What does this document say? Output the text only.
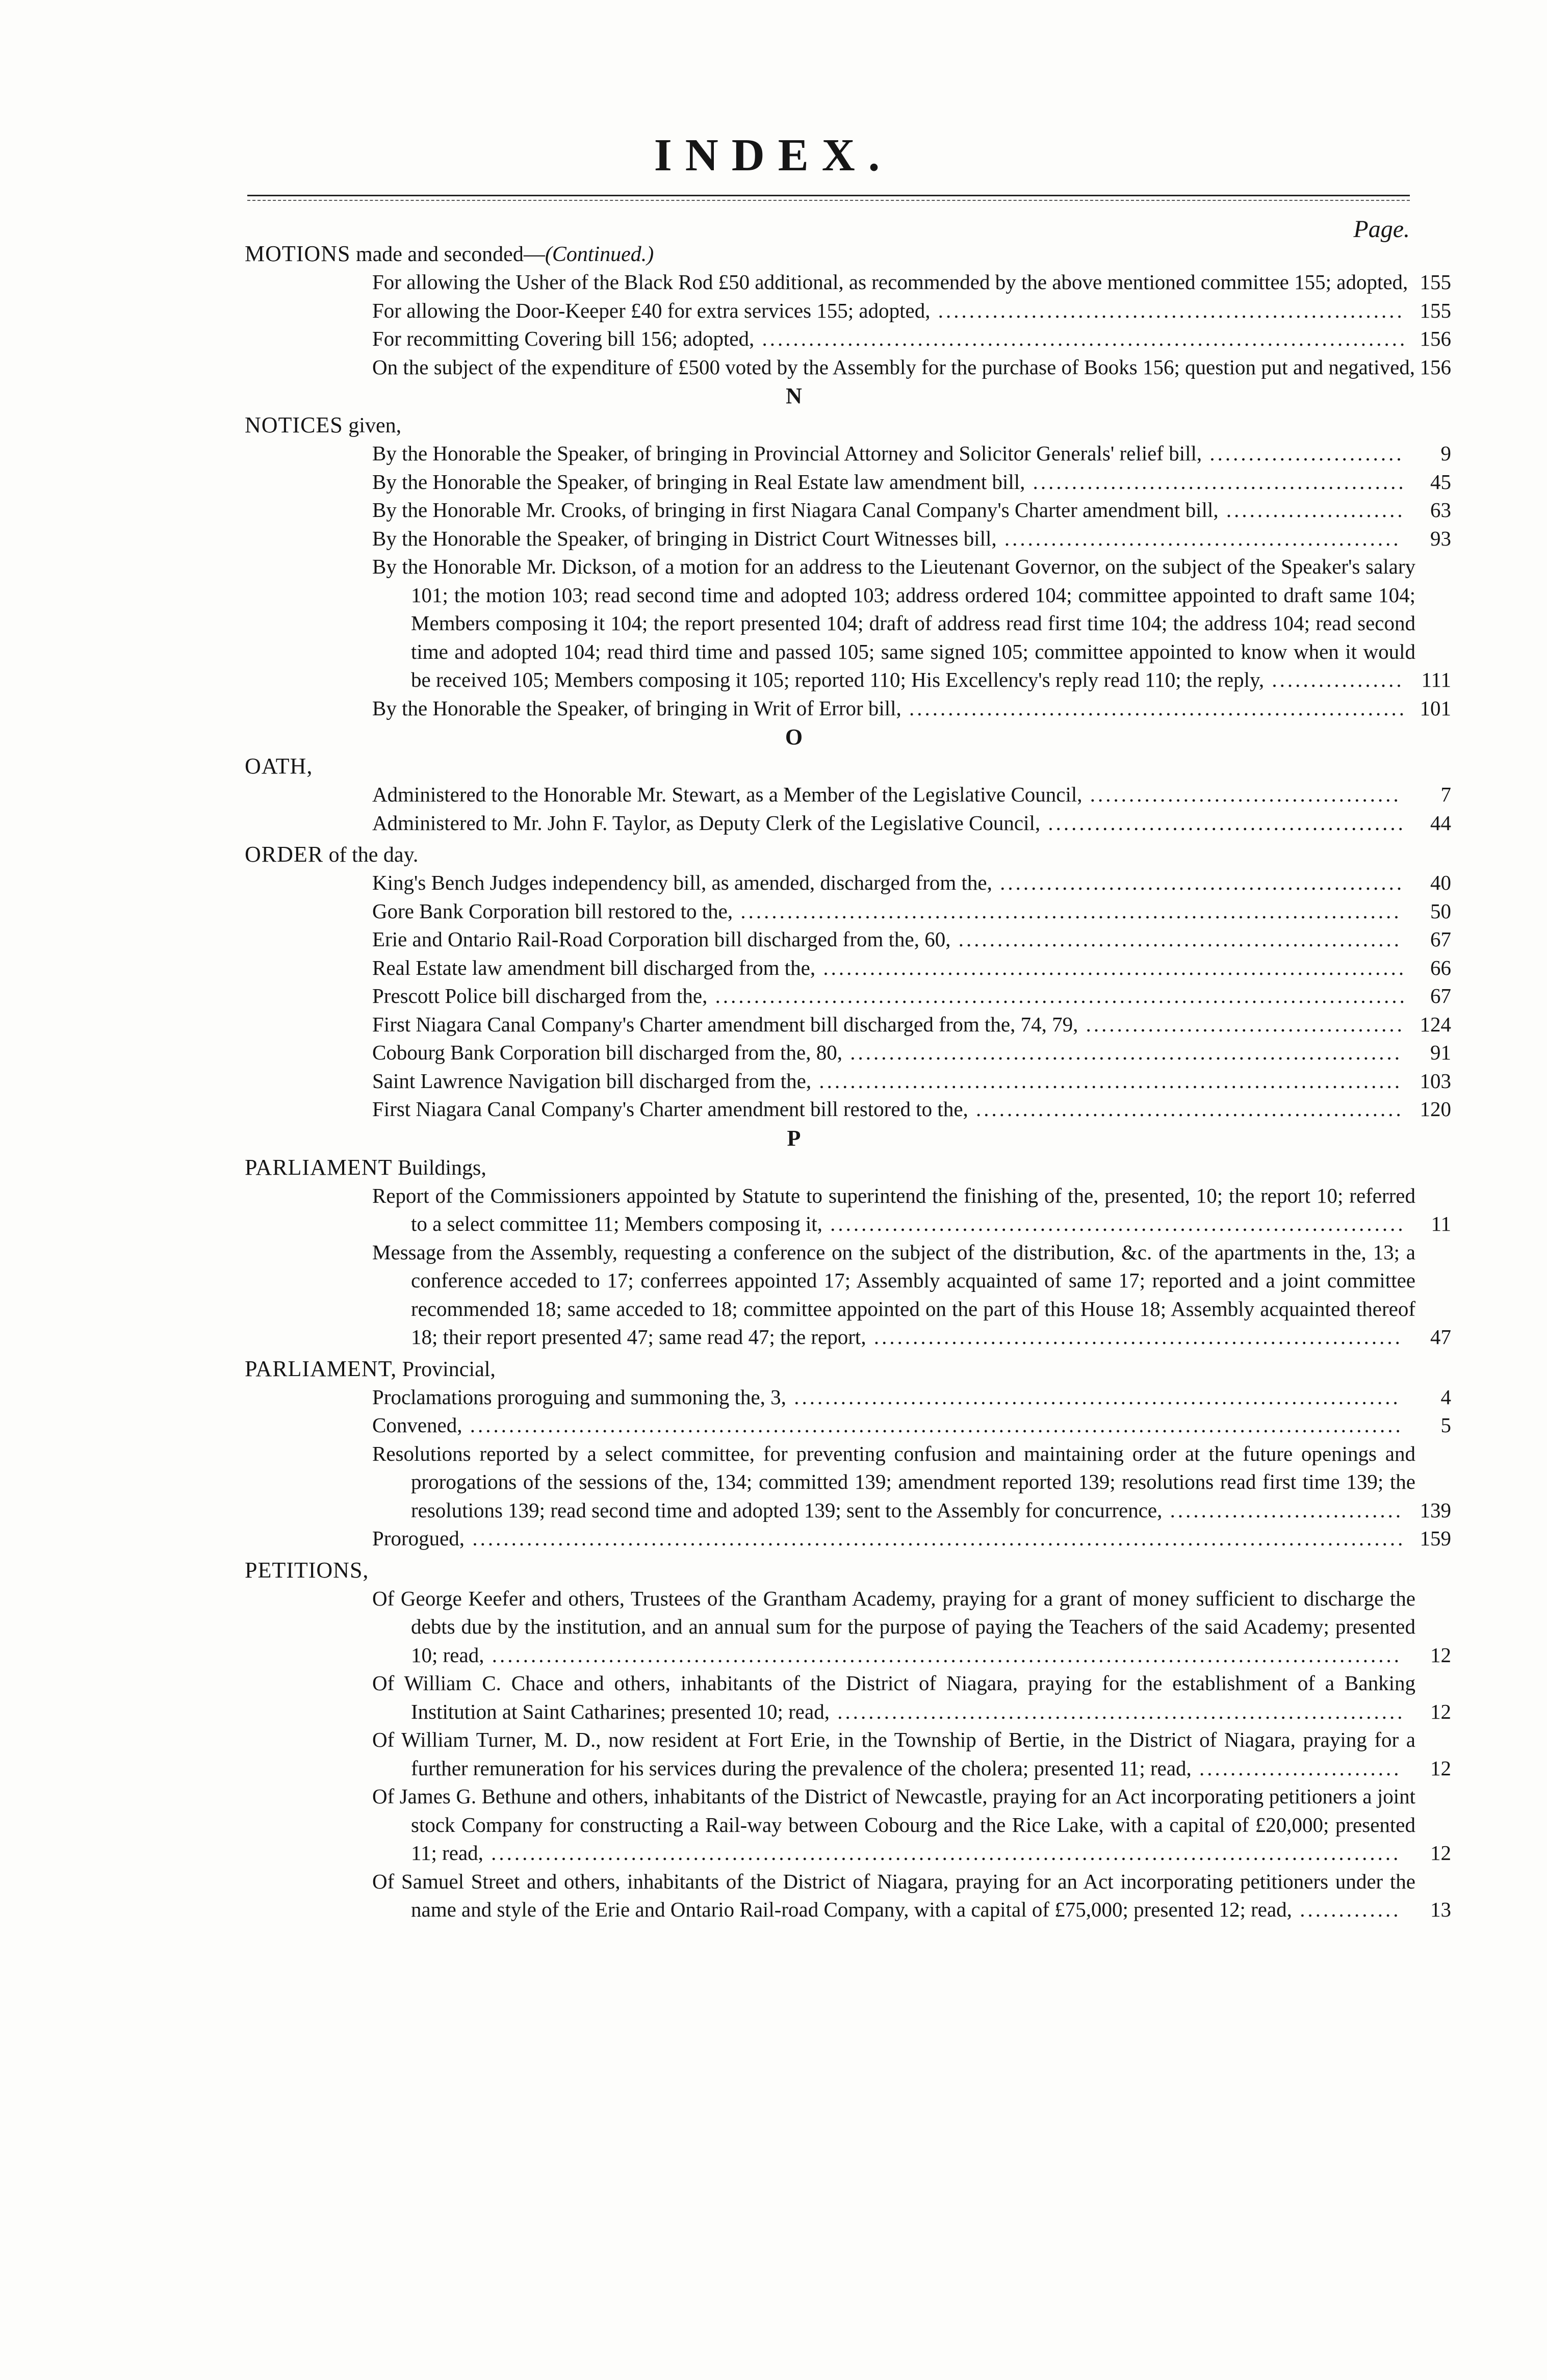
INDEX.
Page.
MOTIONS made and seconded—(Continued.)
For allowing the Usher of the Black Rod £50 additional, as recommended by the above mentioned committee 155; adopted, 155
For allowing the Door-Keeper £40 for extra services 155; adopted, ............................................................ 155
For recommitting Covering bill 156; adopted, ................................................................................... 156
On the subject of the expenditure of £500 voted by the Assembly for the purchase of Books 156; question put and negatived, 156
N
NOTICES given,
By the Honorable the Speaker, of bringing in Provincial Attorney and Solicitor Generals' relief bill, .........................	9
By the Honorable the Speaker, of bringing in Real Estate law amendment bill, ................................................	45
By the Honorable Mr. Crooks, of bringing in first Niagara Canal Company's Charter amendment bill, .......................	63
By the Honorable the Speaker, of bringing in District Court Witnesses bill, ...................................................	93
By the Honorable Mr. Dickson, of a motion for an address to the Lieutenant Governor, on the subject of the Speaker's salary 101; the motion 103; read second time and adopted 103; address ordered 104; committee appointed to draft same 104; Members composing it 104; the report presented 104; draft of address read first time 104; the address 104; read second time and adopted 104; read third time and passed 105; same signed 105; committee appointed to know when it would be received 105; Members composing it 105; reported 110; His Excellency's reply read 110; the reply, ................. 111
By the Honorable the Speaker, of bringing in Writ of Error bill, ................................................................ 101
O
OATH,
Administered to the Honorable Mr. Stewart, as a Member of the Legislative Council, ........................................	7
Administered to Mr. John F. Taylor, as Deputy Clerk of the Legislative Council, ..............................................	44
ORDER of the day.
King's Bench Judges independency bill, as amended, discharged from the, ....................................................	40
Gore Bank Corporation bill restored to the, .....................................................................................	50
Erie and Ontario Rail-Road Corporation bill discharged from the, 60, .........................................................	67
Real Estate law amendment bill discharged from the, ...........................................................................	66
Prescott Police bill discharged from the, .........................................................................................	67
First Niagara Canal Company's Charter amendment bill discharged from the, 74, 79, ......................................... 124
Cobourg Bank Corporation bill discharged from the, 80, .......................................................................	91
Saint Lawrence Navigation bill discharged from the, ........................................................................... 103
First Niagara Canal Company's Charter amendment bill restored to the, ....................................................... 120
P
PARLIAMENT Buildings,
Report of the Commissioners appointed by Statute to superintend the finishing of the, presented, 10; the report 10; referred to a select committee 11; Members composing it, ..........................................................................	11
Message from the Assembly, requesting a conference on the subject of the distribution, &c. of the apartments in the, 13; a conference acceded to 17; conferrees appointed 17; Assembly acquainted of same 17; reported and a joint committee recommended 18; same acceded to 18; committee appointed on the part of this House 18; Assembly acquainted thereof 18; their report presented 47; same read 47; the report, ....................................................................	47
PARLIAMENT, Provincial,
Proclamations proroguing and summoning the, 3, ..............................................................................	4
Convened, ........................................................................................................................	5
Resolutions reported by a select committee, for preventing confusion and maintaining order at the future openings and prorogations of the sessions of the, 134; committed 139; amendment reported 139; resolutions read first time 139; the resolutions 139; read second time and adopted 139; sent to the Assembly for concurrence, .............................. 139
Prorogued, ........................................................................................................................ 159
PETITIONS,
Of George Keefer and others, Trustees of the Grantham Academy, praying for a grant of money sufficient to discharge the debts due by the institution, and an annual sum for the purpose of paying the Teachers of the said Academy; presented 10; read, .....................................................................................................................	12
Of William C. Chace and others, inhabitants of the District of Niagara, praying for the establishment of a Banking Institution at Saint Catharines; presented 10; read, .........................................................................	12
Of William Turner, M. D., now resident at Fort Erie, in the Township of Bertie, in the District of Niagara, praying for a further remuneration for his services during the prevalence of the cholera; presented 11; read, ..........................	12
Of James G. Bethune and others, inhabitants of the District of Newcastle, praying for an Act incorporating petitioners a joint stock Company for constructing a Rail-way between Cobourg and the Rice Lake, with a capital of £20,000; presented 11; read, .....................................................................................................................	12
Of Samuel Street and others, inhabitants of the District of Niagara, praying for an Act incorporating petitioners under the name and style of the Erie and Ontario Rail-road Company, with a capital of £75,000; presented 12; read, .............	13
